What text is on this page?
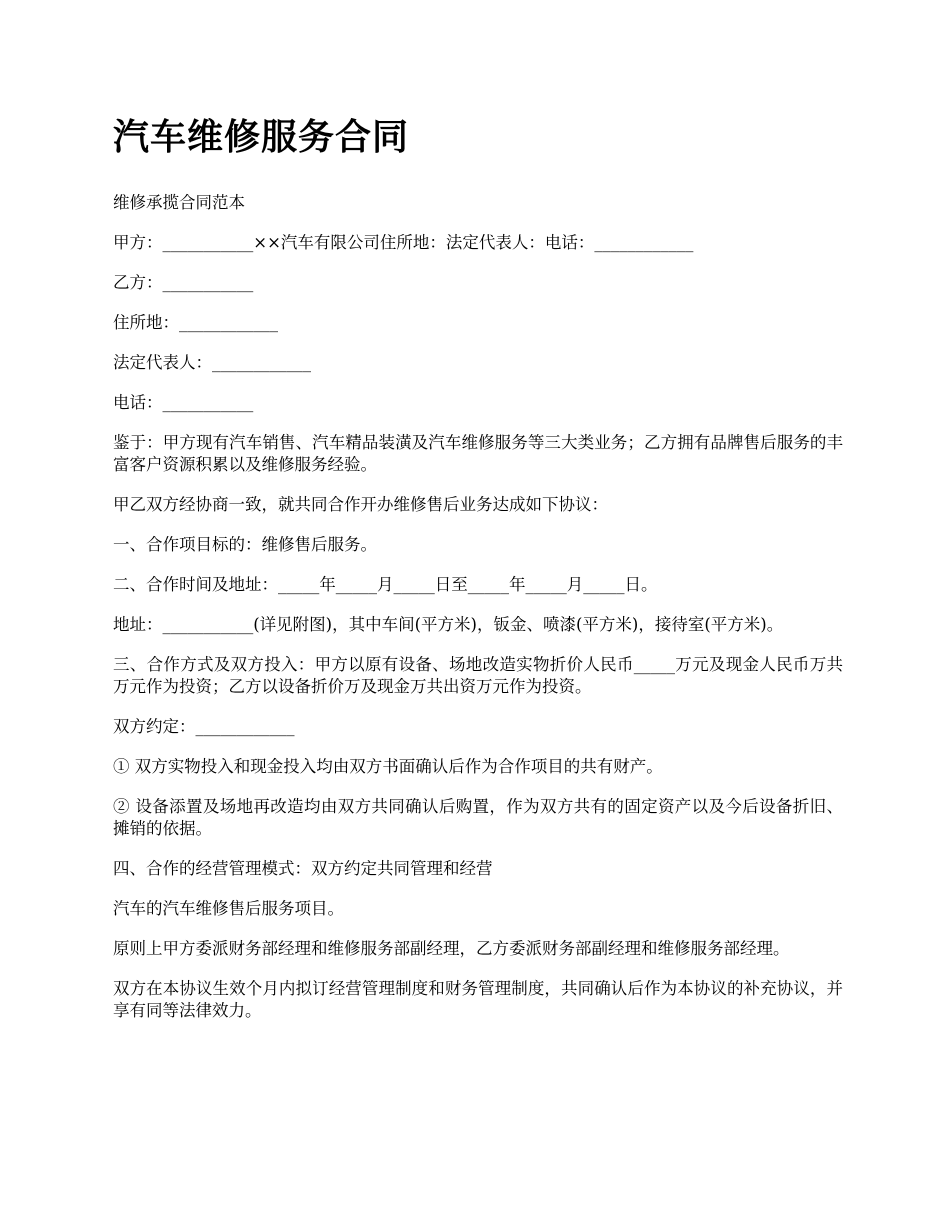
汽车维修服务合同

维修承揽合同范本

甲方：___________××汽车有限公司住所地：法定代表人：电话：____________

乙方：___________

住所地：____________

法定代表人：____________

电话：___________

鉴于：甲方现有汽车销售、汽车精品装潢及汽车维修服务等三大类业务；乙方拥有品牌售后服务的丰富客户资源积累以及维修服务经验。

甲乙双方经协商一致，就共同合作开办维修售后业务达成如下协议：

一、合作项目标的：维修售后服务。

二、合作时间及地址：_____年_____月_____日至_____年_____月_____日。

地址：___________(详见附图)，其中车间(平方米)，钣金、喷漆(平方米)，接待室(平方米)。

三、合作方式及双方投入：甲方以原有设备、场地改造实物折价人民币_____万元及现金人民币万共万元作为投资；乙方以设备折价万及现金万共出资万元作为投资。

双方约定：____________

① 双方实物投入和现金投入均由双方书面确认后作为合作项目的共有财产。

② 设备添置及场地再改造均由双方共同确认后购置，作为双方共有的固定资产以及今后设备折旧、摊销的依据。

四、合作的经营管理模式：双方约定共同管理和经营

汽车的汽车维修售后服务项目。

原则上甲方委派财务部经理和维修服务部副经理，乙方委派财务部副经理和维修服务部经理。

双方在本协议生效个月内拟订经营管理制度和财务管理制度，共同确认后作为本协议的补充协议，并享有同等法律效力。
